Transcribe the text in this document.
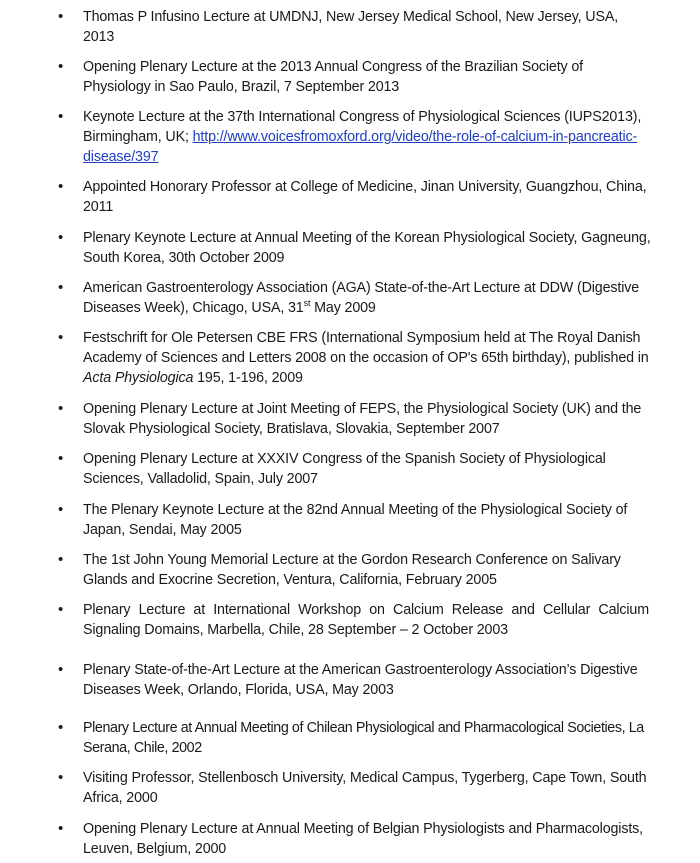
• Thomas P Infusino Lecture at UMDNJ, New Jersey Medical School, New Jersey, USA, 2013
• Opening Plenary Lecture at the 2013 Annual Congress of the Brazilian Society of Physiology in Sao Paulo, Brazil, 7 September 2013
• Keynote Lecture at the 37th International Congress of Physiological Sciences (IUPS2013), Birmingham, UK; http://www.voicesfromoxford.org/video/the-role-of-calcium-in-pancreatic-disease/397
• Appointed Honorary Professor at College of Medicine, Jinan University, Guangzhou, China, 2011
• Plenary Keynote Lecture at Annual Meeting of the Korean Physiological Society, Gagneung, South Korea, 30th October 2009
• American Gastroenterology Association (AGA) State-of-the-Art Lecture at DDW (Digestive Diseases Week), Chicago, USA, 31st May 2009
• Festschrift for Ole Petersen CBE FRS (International Symposium held at The Royal Danish Academy of Sciences and Letters 2008 on the occasion of OP's 65th birthday), published in Acta Physiologica 195, 1-196, 2009
• Opening Plenary Lecture at Joint Meeting of FEPS, the Physiological Society (UK) and the Slovak Physiological Society, Bratislava, Slovakia, September 2007
• Opening Plenary Lecture at XXXIV Congress of the Spanish Society of Physiological Sciences, Valladolid, Spain, July 2007
• The Plenary Keynote Lecture at the 82nd Annual Meeting of the Physiological Society of Japan, Sendai, May 2005
• The 1st John Young Memorial Lecture at the Gordon Research Conference on Salivary Glands and Exocrine Secretion, Ventura, California, February 2005
• Plenary Lecture at International Workshop on Calcium Release and Cellular Calcium Signaling Domains, Marbella, Chile, 28 September – 2 October 2003
• Plenary State-of-the-Art Lecture at the American Gastroenterology Association’s Digestive Diseases Week, Orlando, Florida, USA, May 2003
• Plenary Lecture at Annual Meeting of Chilean Physiological and Pharmacological Societies, La Serana, Chile, 2002
• Visiting Professor, Stellenbosch University, Medical Campus, Tygerberg, Cape Town, South Africa, 2000
• Opening Plenary Lecture at Annual Meeting of Belgian Physiologists and Pharmacologists, Leuven, Belgium, 2000
